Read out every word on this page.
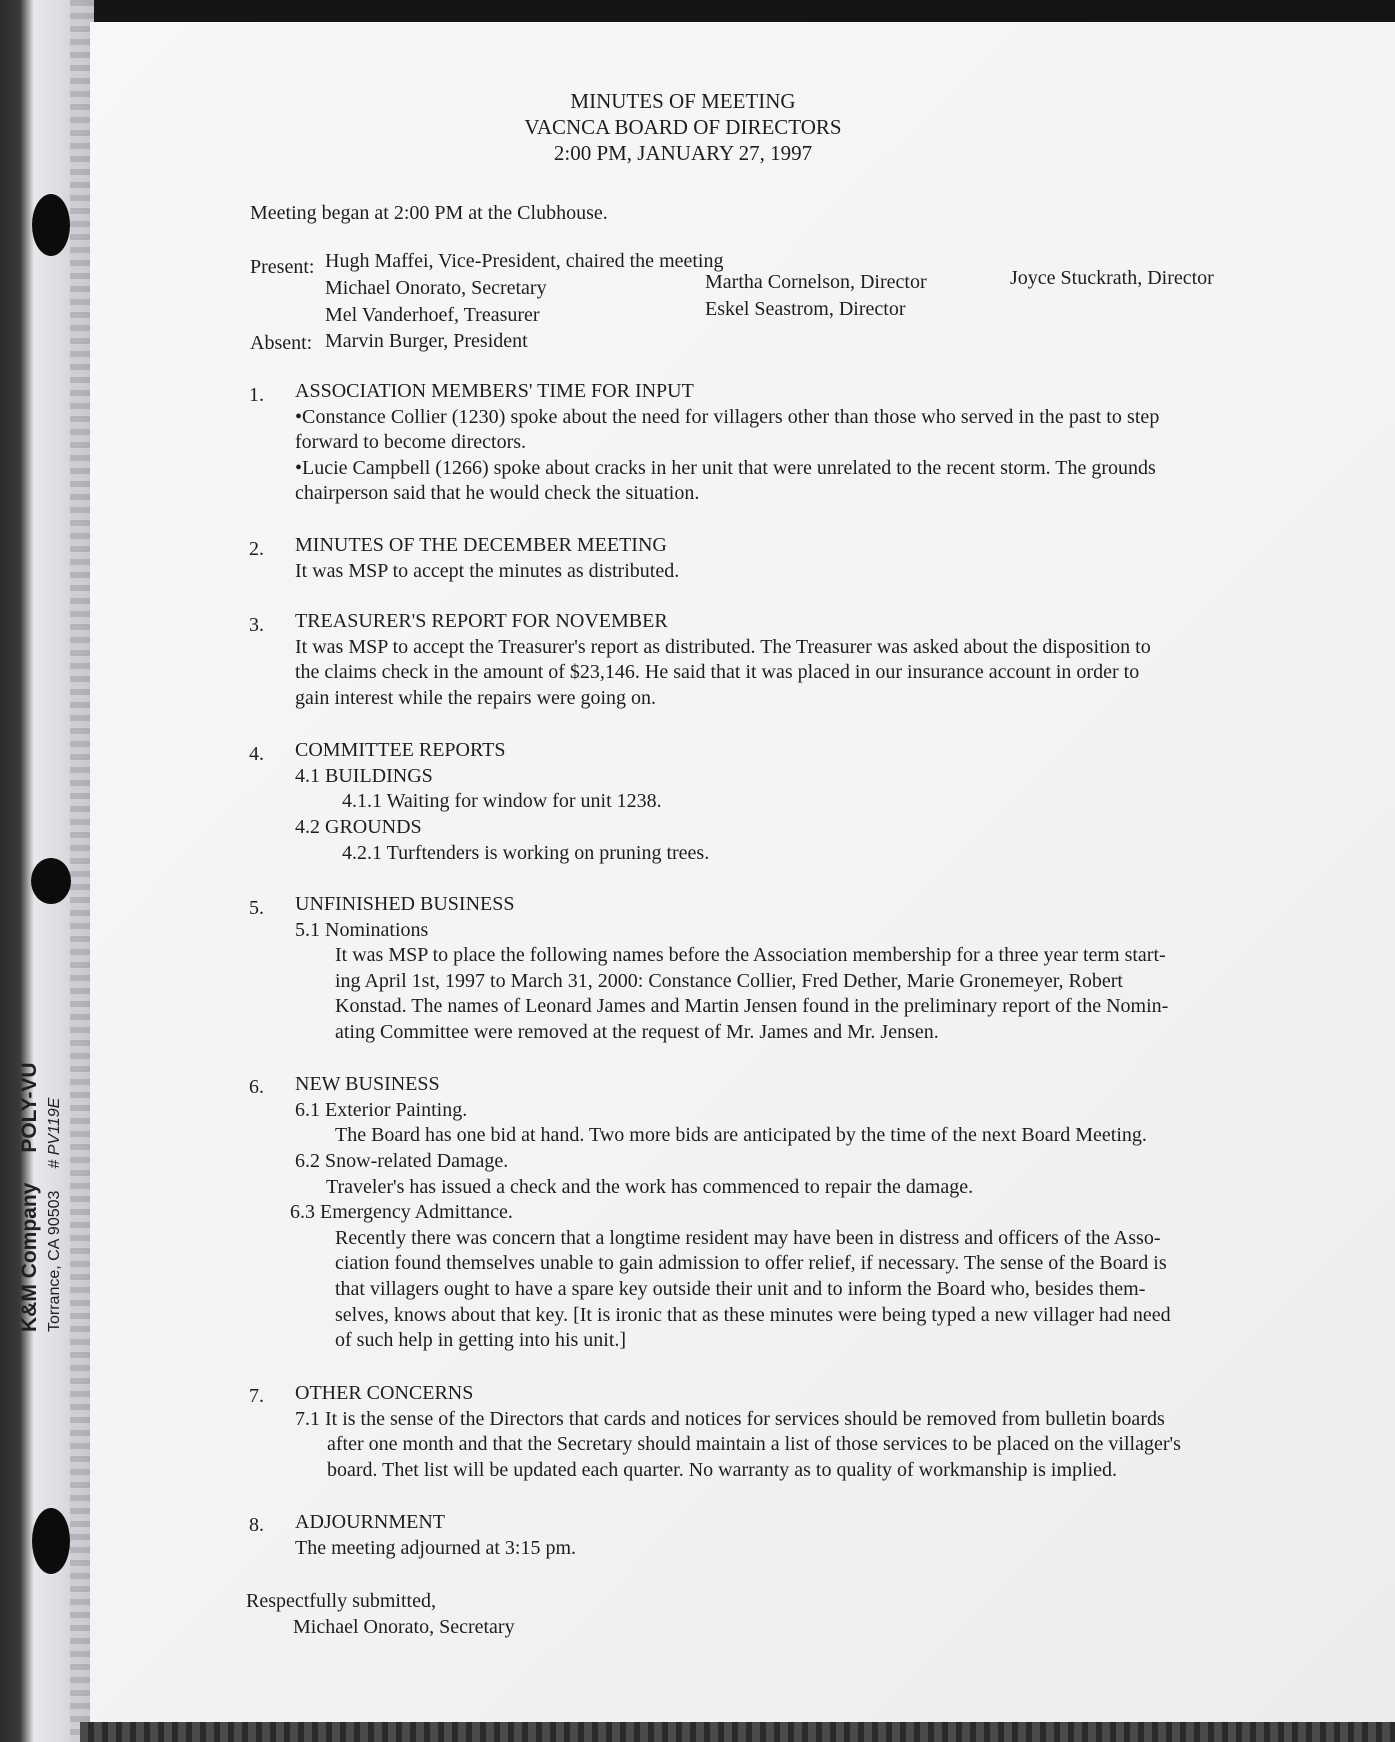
K&M CompanyPOLY-VU
Torrance, CA 90503# PV119E
MINUTES OF MEETING
VACNCA BOARD OF DIRECTORS
2:00 PM, JANUARY 27, 1997
Meeting began at 2:00 PM at the Clubhouse.
Present: Hugh Maffei, Vice-President, chaired the meeting
Michael Onorato, Secretary
Mel Vanderhoef, Treasurer
Martha Cornelson, Director
Eskel Seastrom, Director
Joyce Stuckrath, Director
Absent: Marvin Burger, President
1. ASSOCIATION MEMBERS' TIME FOR INPUT
•Constance Collier (1230) spoke about the need for villagers other than those who served in the past to step
forward to become directors.
•Lucie Campbell (1266) spoke about cracks in her unit that were unrelated to the recent storm. The grounds
chairperson said that he would check the situation.
2. MINUTES OF THE DECEMBER MEETING
It was MSP to accept the minutes as distributed.
3. TREASURER'S REPORT FOR NOVEMBER
It was MSP to accept the Treasurer's report as distributed. The Treasurer was asked about the disposition to
the claims check in the amount of $23,146. He said that it was placed in our insurance account in order to
gain interest while the repairs were going on.
4. COMMITTEE REPORTS
4.1 BUILDINGS
4.1.1 Waiting for window for unit 1238.
4.2 GROUNDS
4.2.1 Turftenders is working on pruning trees.
5. UNFINISHED BUSINESS
5.1 Nominations
It was MSP to place the following names before the Association membership for a three year term start-
ing April 1st, 1997 to March 31, 2000: Constance Collier, Fred Dether, Marie Gronemeyer, Robert
Konstad. The names of Leonard James and Martin Jensen found in the preliminary report of the Nomin-
ating Committee were removed at the request of Mr. James and Mr. Jensen.
6. NEW BUSINESS
6.1 Exterior Painting.
The Board has one bid at hand. Two more bids are anticipated by the time of the next Board Meeting.
6.2 Snow-related Damage.
Traveler's has issued a check and the work has commenced to repair the damage.
6.3 Emergency Admittance.
Recently there was concern that a longtime resident may have been in distress and officers of the Asso-
ciation found themselves unable to gain admission to offer relief, if necessary. The sense of the Board is
that villagers ought to have a spare key outside their unit and to inform the Board who, besides them-
selves, knows about that key. [It is ironic that as these minutes were being typed a new villager had need
of such help in getting into his unit.]
7. OTHER CONCERNS
7.1 It is the sense of the Directors that cards and notices for services should be removed from bulletin boards
after one month and that the Secretary should maintain a list of those services to be placed on the villager's
board. Thet list will be updated each quarter. No warranty as to quality of workmanship is implied.
8. ADJOURNMENT
The meeting adjourned at 3:15 pm.
Respectfully submitted,
Michael Onorato, Secretary
